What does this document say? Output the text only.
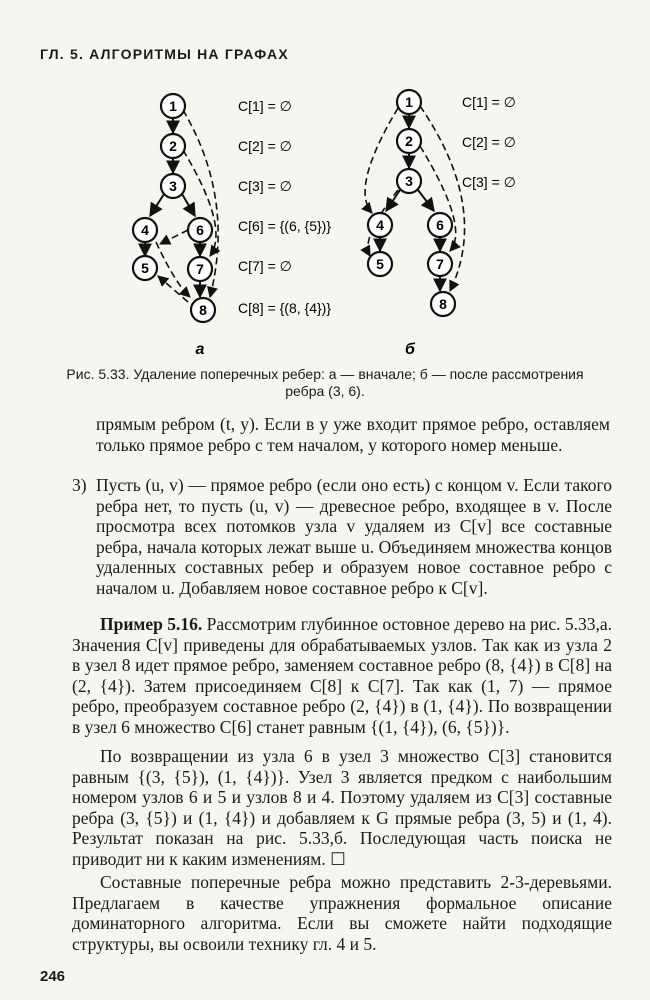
ГЛ. 5. АЛГОРИТМЫ НА ГРАФАХ
1
2
3
4
5
6
7
8
C[1] = ∅
C[2] = ∅
C[3] = ∅
C[6] = {(6, {5})}
C[7] = ∅
C[8] = {(8, {4})}
а
1
2
3
4
5
6
7
8
C[1] = ∅
C[2] = ∅
C[3] = ∅
б
Рис. 5.33. Удаление поперечных ребер: а — вначале; б — после рассмотрения
ребра (3, 6).
прямым ребром (t, y). Если в y уже входит прямое ребро, оставляем только прямое ребро с тем началом, у которого номер меньше.
3) Пусть (u, v) — прямое ребро (если оно есть) с концом v. Если такого ребра нет, то пусть (u, v) — древесное ребро, входящее в v. После просмотра всех потомков узла v удаляем из C[v] все составные ребра, начала которых лежат выше u. Объединяем множества концов удаленных составных ребер и образуем новое составное ребро с началом u. Добавляем новое составное ребро к C[v].
Пример 5.16. Рассмотрим глубинное остовное дерево на рис. 5.33,а. Значения C[v] приведены для обрабатываемых узлов. Так как из узла 2 в узел 8 идет прямое ребро, заменяем составное ребро (8, {4}) в C[8] на (2, {4}). Затем присоединяем C[8] к C[7]. Так как (1, 7) — прямое ребро, преобразуем составное ребро (2, {4}) в (1, {4}). По возвращении в узел 6 множество C[6] станет равным {(1, {4}), (6, {5})}.
По возвращении из узла 6 в узел 3 множество C[3] становится равным {(3, {5}), (1, {4})}. Узел 3 является предком с наибольшим номером узлов 6 и 5 и узлов 8 и 4. Поэтому удаляем из C[3] составные ребра (3, {5}) и (1, {4}) и добавляем к G прямые ребра (3, 5) и (1, 4). Результат показан на рис. 5.33,б. Последующая часть поиска не приводит ни к каким изменениям. ☐
Составные поперечные ребра можно представить 2-3-деревьями. Предлагаем в качестве упражнения формальное описание доминаторного алгоритма. Если вы сможете найти подходящие структуры, вы освоили технику гл. 4 и 5.
246
